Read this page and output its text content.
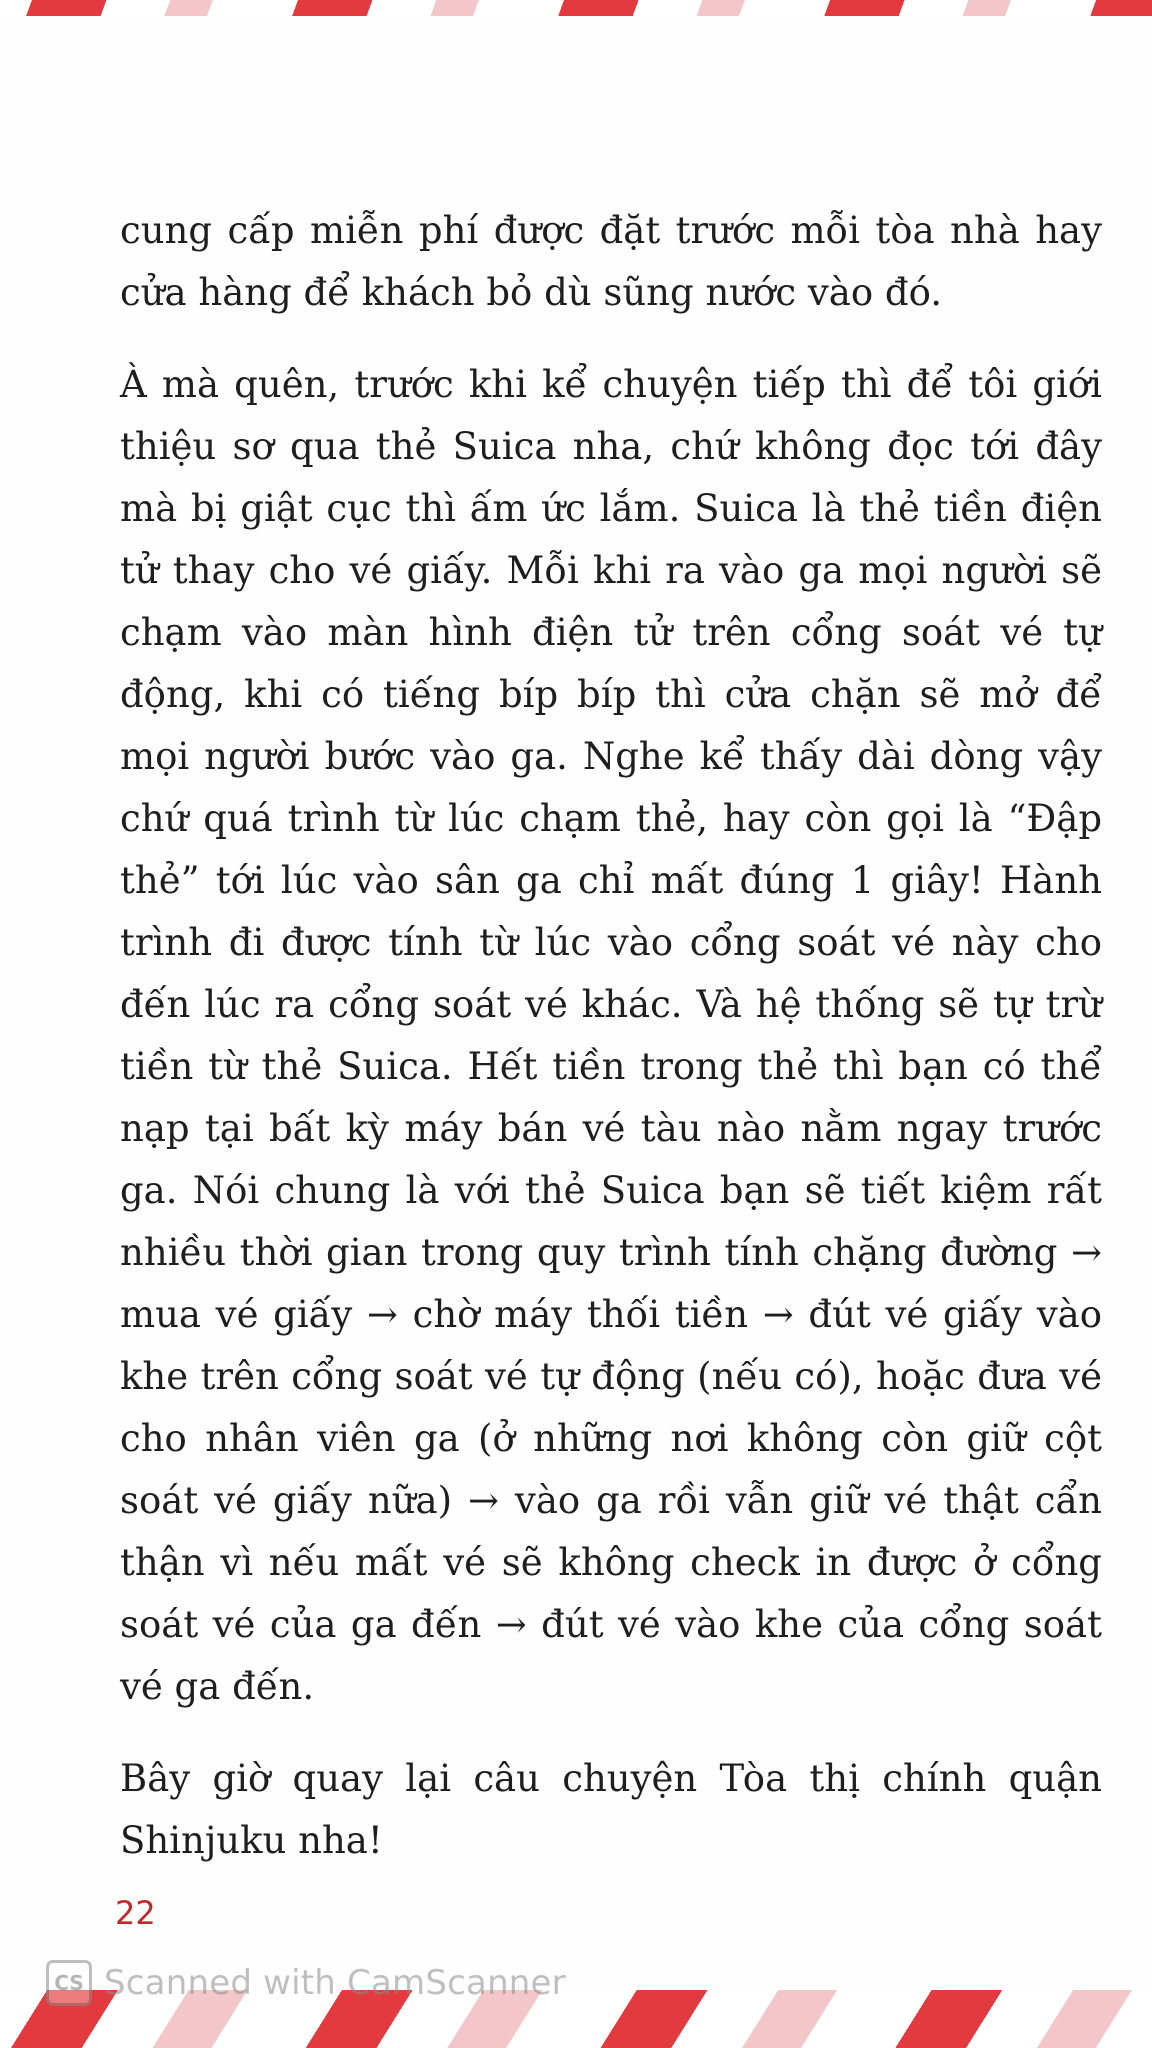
cung cấp miễn phí được đặt trước mỗi tòa nhà hay cửa hàng để khách bỏ dù sũng nước vào đó.

À mà quên, trước khi kể chuyện tiếp thì để tôi giới thiệu sơ qua thẻ Suica nha, chứ không đọc tới đây mà bị giật cục thì ấm ức lắm. Suica là thẻ tiền điện tử thay cho vé giấy. Mỗi khi ra vào ga mọi người sẽ chạm vào màn hình điện tử trên cổng soát vé tự động, khi có tiếng bíp bíp thì cửa chặn sẽ mở để mọi người bước vào ga. Nghe kể thấy dài dòng vậy chứ quá trình từ lúc chạm thẻ, hay còn gọi là “Đập thẻ” tới lúc vào sân ga chỉ mất đúng 1 giây! Hành trình đi được tính từ lúc vào cổng soát vé này cho đến lúc ra cổng soát vé khác. Và hệ thống sẽ tự trừ tiền từ thẻ Suica. Hết tiền trong thẻ thì bạn có thể nạp tại bất kỳ máy bán vé tàu nào nằm ngay trước ga. Nói chung là với thẻ Suica bạn sẽ tiết kiệm rất nhiều thời gian trong quy trình tính chặng đường → mua vé giấy → chờ máy thối tiền → đút vé giấy vào khe trên cổng soát vé tự động (nếu có), hoặc đưa vé cho nhân viên ga (ở những nơi không còn giữ cột soát vé giấy nữa) → vào ga rồi vẫn giữ vé thật cẩn thận vì nếu mất vé sẽ không check in được ở cổng soát vé của ga đến → đút vé vào khe của cổng soát vé ga đến.

Bây giờ quay lại câu chuyện Tòa thị chính quận Shinjuku nha!

22
CS Scanned with CamScanner
